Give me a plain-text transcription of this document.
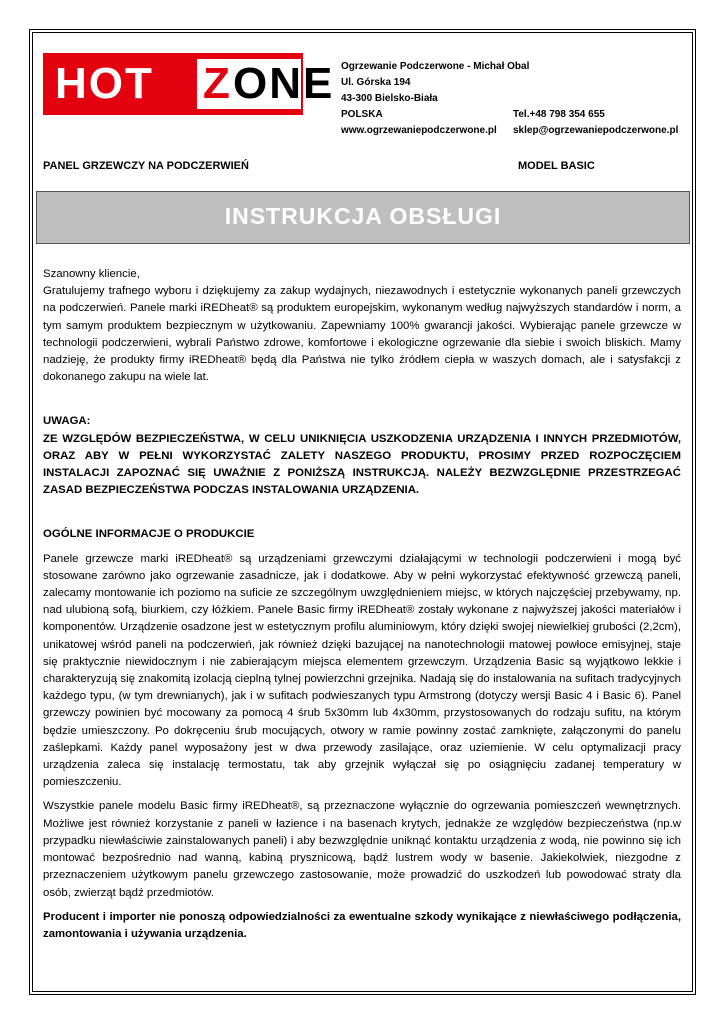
HOT Z ONE Ogrzewanie Podczerwone - Michał Obal
Ul. Górska 194
43-300 Bielsko-Biała
POLSKA	Tel.+48 798 354 655
www.ogrzewaniepodczerwone.pl	sklep@ogrzewaniepodczerwone.pl
PANEL GRZEWCZY NA PODCZERWIEŃ	MODEL BASIC
INSTRUKCJA OBSŁUGI

Szanowny kliencie,

Gratulujemy trafnego wyboru i dziękujemy za zakup wydajnych, niezawodnych i estetycznie wykonanych paneli grzewczych na podczerwień. Panele marki iREDheat® są produktem europejskim, wykonanym według najwyższych standardów i norm, a tym samym produktem bezpiecznym w użytkowaniu. Zapewniamy 100% gwarancji jakości. Wybierając panele grzewcze w technologii podczerwieni, wybrali Państwo zdrowe, komfortowe i ekologiczne ogrzewanie dla siebie i swoich bliskich. Mamy nadzieję, że produkty firmy iREDheat® będą dla Państwa nie tylko źródłem ciepła w waszych domach, ale i satysfakcji z dokonanego zakupu na wiele lat.

UWAGA:

ZE WZGLĘDÓW BEZPIECZEŃSTWA, W CELU UNIKNIĘCIA USZKODZENIA URZĄDZENIA I INNYCH PRZEDMIOTÓW, ORAZ ABY W PEŁNI WYKORZYSTAĆ ZALETY NASZEGO PRODUKTU, PROSIMY PRZED ROZPOCZĘCIEM INSTALACJI ZAPOZNAĆ SIĘ UWAŻNIE Z PONIŻSZĄ INSTRUKCJĄ. NALEŻY BEZWZGLĘDNIE PRZESTRZEGAĆ ZASAD BEZPIECZEŃSTWA PODCZAS INSTALOWANIA URZĄDZENIA.

OGÓLNE INFORMACJE O PRODUKCIE

Panele grzewcze marki iREDheat® są urządzeniami grzewczymi działającymi w technologii podczerwieni i mogą być stosowane zarówno jako ogrzewanie zasadnicze, jak i dodatkowe. Aby w pełni wykorzystać efektywność grzewczą paneli, zalecamy montowanie ich poziomo na suficie ze szczególnym uwzględnieniem miejsc, w których najczęściej przebywamy, np. nad ulubioną sofą, biurkiem, czy łóżkiem. Panele Basic firmy iREDheat® zostały wykonane z najwyższej jakości materiałów i komponentów. Urządzenie osadzone jest w estetycznym profilu aluminiowym, który dzięki swojej niewielkiej grubości (2,2cm), unikatowej wśród paneli na podczerwień, jak również dzięki bazującej na nanotechnologii matowej powłoce emisyjnej, staje się praktycznie niewidocznym i nie zabierającym miejsca elementem grzewczym. Urządzenia Basic są wyjątkowo lekkie i charakteryzują się znakomitą izolacją cieplną tylnej powierzchni grzejnika. Nadają się do instalowania na sufitach tradycyjnych każdego typu, (w tym drewnianych), jak i w sufitach podwieszanych typu Armstrong (dotyczy wersji Basic 4 i Basic 6). Panel grzewczy powinien być mocowany za pomocą 4 śrub 5x30mm lub 4x30mm, przystosowanych do rodzaju sufitu, na którym będzie umieszczony. Po dokręceniu śrub mocujących, otwory w ramie powinny zostać zamknięte, załączonymi do panelu zaślepkami. Każdy panel wyposażony jest w dwa przewody zasilające, oraz uziemienie. W celu optymalizacji pracy urządzenia zaleca się instalację termostatu, tak aby grzejnik wyłączał się po osiągnięciu zadanej temperatury w pomieszczeniu.

Wszystkie panele modelu Basic firmy iREDheat®, są przeznaczone wyłącznie do ogrzewania pomieszczeń wewnętrznych. Możliwe jest również korzystanie z paneli w łazience i na basenach krytych, jednakże ze względów bezpieczeństwa (np.w przypadku niewłaściwie zainstalowanych paneli) i aby bezwzględnie uniknąć kontaktu urządzenia z wodą, nie powinno się ich montować bezpośrednio nad wanną, kabiną prysznicową, bądź lustrem wody w basenie. Jakiekolwiek, niezgodne z przeznaczeniem użytkowym panelu grzewczego zastosowanie, może prowadzić do uszkodzeń lub powodować straty dla osób, zwierząt bądź przedmiotów.

Producent i importer nie ponoszą odpowiedzialności za ewentualne szkody wynikające z niewłaściwego podłączenia, zamontowania i używania urządzenia.
